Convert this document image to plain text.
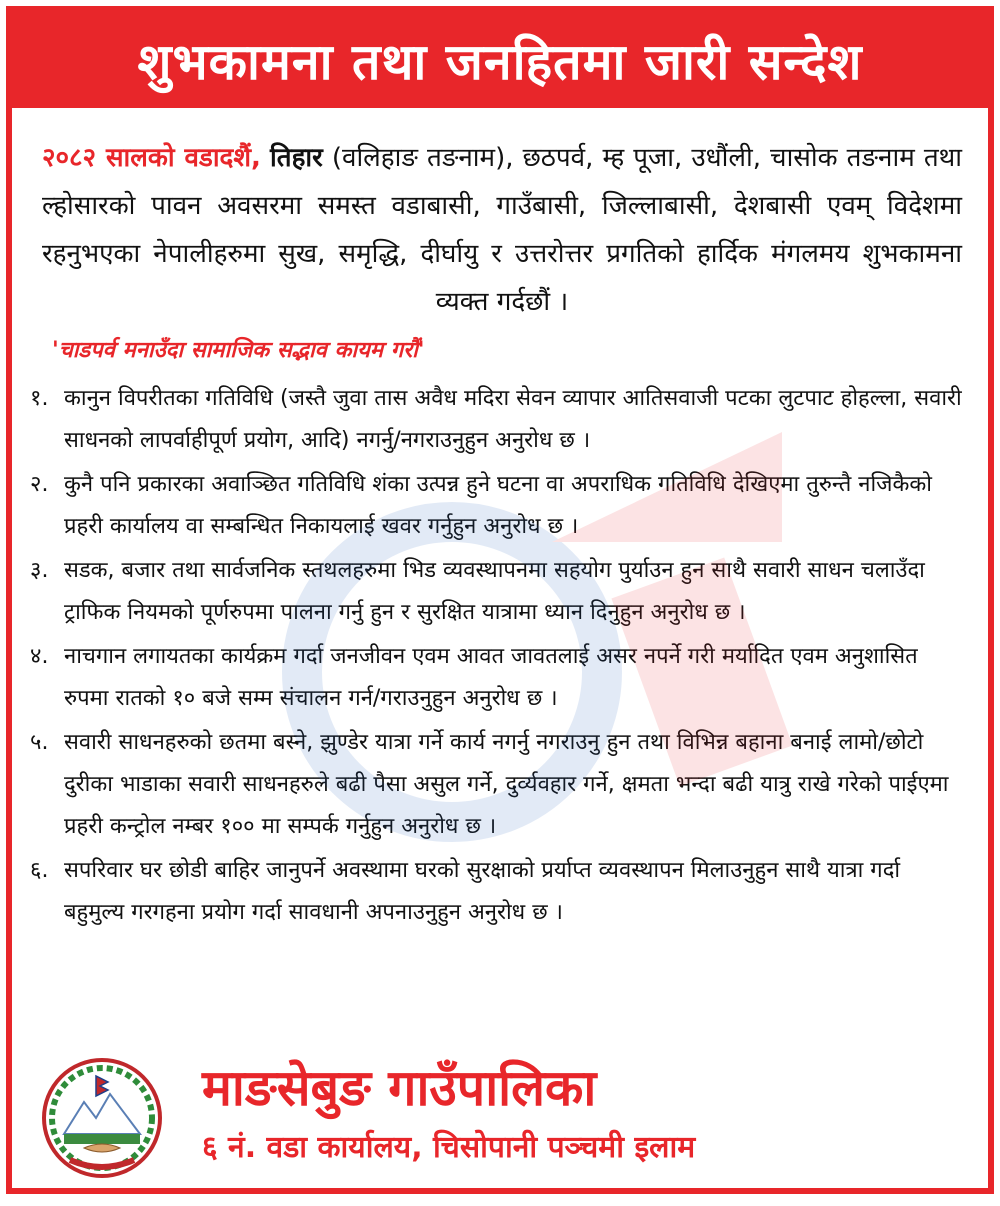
शुभकामना तथा जनहितमा जारी सन्देश
२०८२ सालको वडादशैं, तिहार (वलिहाङ तङनाम), छठपर्व, म्ह पूजा, उधौंली, चासोक तङनाम तथा ल्होसारको पावन अवसरमा समस्त वडाबासी, गाउँबासी, जिल्लाबासी, देशबासी एवम् विदेशमा रहनुभएका नेपालीहरुमा सुख, समृद्धि, दीर्घायु र उत्तरोत्तर प्रगतिको हार्दिक मंगलमय शुभकामना व्यक्त गर्दछौं ।
'चाडपर्व मनाउँदा सामाजिक सद्भाव कायम गरौं'
१. कानुन विपरीतका गतिविधि (जस्तै जुवा तास अवैध मदिरा सेवन व्यापार आतिसवाजी पटका लुटपाट होहल्ला, सवारी साधनको लापर्वाहीपूर्ण प्रयोग, आदि) नगर्नु/नगराउनुहुन अनुरोध छ ।
२. कुनै पनि प्रकारका अवाञ्छित गतिविधि शंका उत्पन्न हुने घटना वा अपराधिक गतिविधि देखिएमा तुरुन्तै नजिकैको प्रहरी कार्यालय वा सम्बन्धित निकायलाई खवर गर्नुहुन अनुरोध छ ।
३. सडक, बजार तथा सार्वजनिक स्तथलहरुमा भिड व्यवस्थापनमा सहयोग पुर्याउन हुन साथै सवारी साधन चलाउँदा ट्राफिक नियमको पूर्णरुपमा पालना गर्नु हुन र सुरक्षित यात्रामा ध्यान दिनुहुन अनुरोध छ ।
४. नाचगान लगायतका कार्यक्रम गर्दा जनजीवन एवम आवत जावतलाई असर नपर्ने गरी मर्यादित एवम अनुशासित रुपमा रातको १० बजे सम्म संचालन गर्न/गराउनुहुन अनुरोध छ ।
५. सवारी साधनहरुको छतमा बस्ने, झुण्डेर यात्रा गर्ने कार्य नगर्नु नगराउनु हुन तथा विभिन्न बहाना बनाई लामो/छोटो दुरीका भाडाका सवारी साधनहरुले बढी पैसा असुल गर्ने, दुर्व्यवहार गर्ने, क्षमता भन्दा बढी यात्रु राखे गरेको पाईएमा प्रहरी कन्ट्रोल नम्बर १०० मा सम्पर्क गर्नुहुन अनुरोध छ ।
६. सपरिवार घर छोडी बाहिर जानुपर्ने अवस्थामा घरको सुरक्षाको प्रर्याप्त व्यवस्थापन मिलाउनुहुन साथै यात्रा गर्दा बहुमुल्य गरगहना प्रयोग गर्दा सावधानी अपनाउनुहुन अनुरोध छ ।
माङसेबुङ गाउँपालिका
६ नं. वडा कार्यालय, चिसोपानी पञ्चमी इलाम
